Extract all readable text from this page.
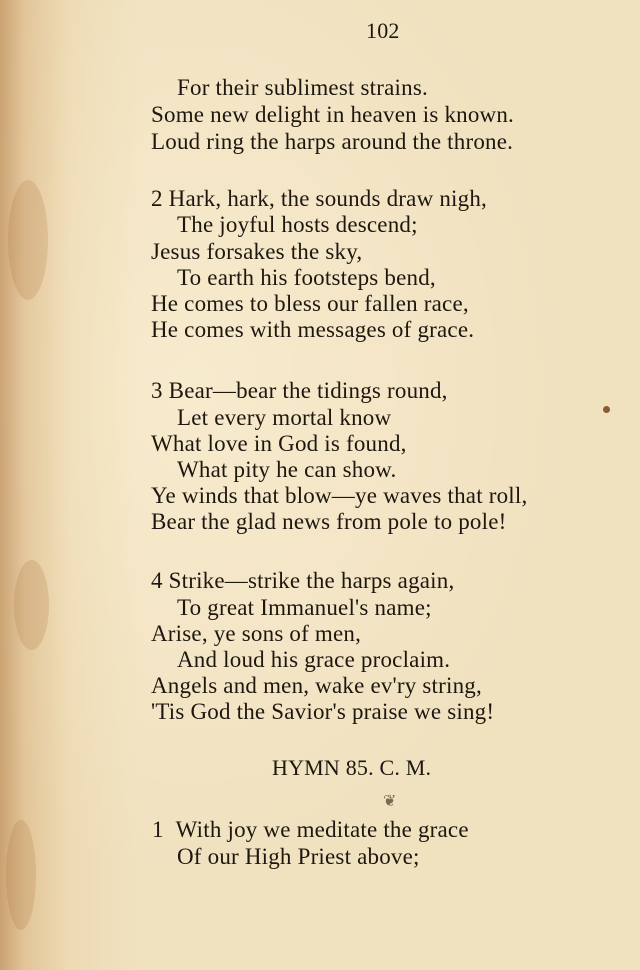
102
For their sublimest strains.
Some new delight in heaven is known.
Loud ring the harps around the throne.
2 Hark, hark, the sounds draw nigh,
The joyful hosts descend;
Jesus forsakes the sky,
To earth his footsteps bend,
He comes to bless our fallen race,
He comes with messages of grace.
3 Bear—bear the tidings round,
Let every mortal know
What love in God is found,
What pity he can show.
Ye winds that blow—ye waves that roll,
Bear the glad news from pole to pole!
4 Strike—strike the harps again,
To great Immanuel's name;
Arise, ye sons of men,
And loud his grace proclaim.
Angels and men, wake ev'ry string,
'Tis God the Savior's praise we sing!
HYMN 85. C. M.
❦
1 With joy we meditate the grace
Of our High Priest above;
